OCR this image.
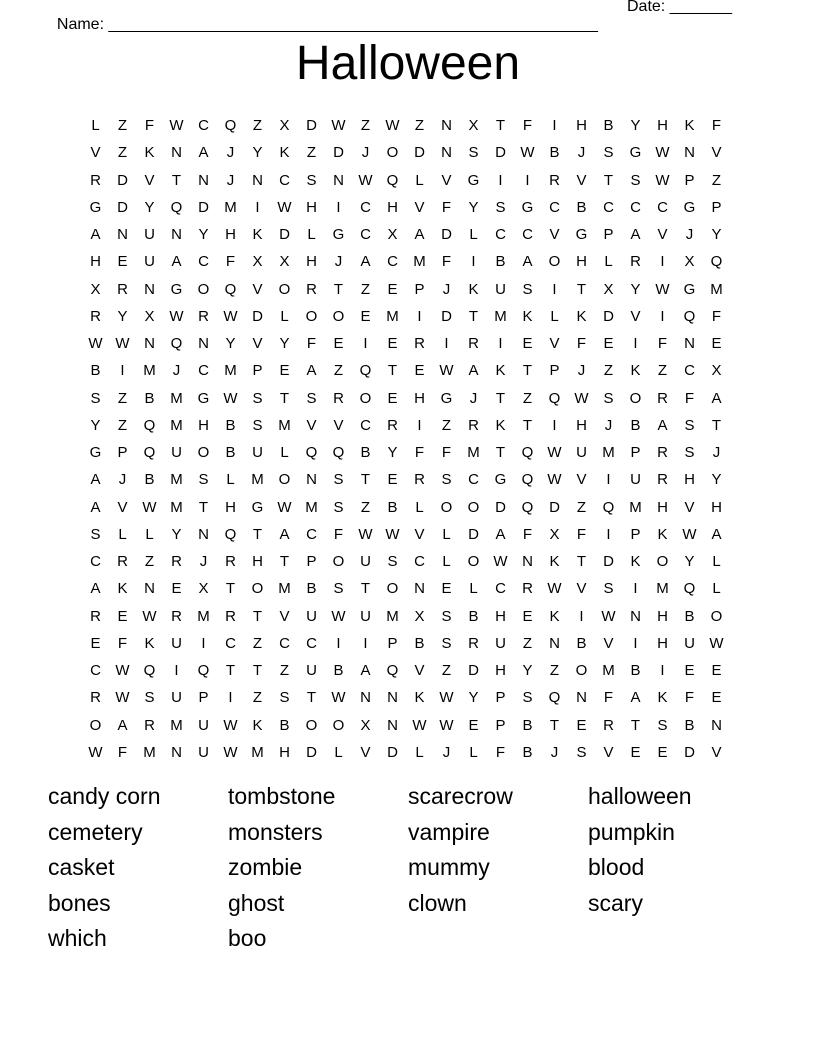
Name: _______________________________________________________

Date: _______

Halloween
L	Z	F	W C	Q	Z	X	D W	Z	W	Z	N	X	T	F	I	H	B	Y	H	K	F
V	Z	K	N	A	J	Y	K	Z	D	J	O	D	N	S	D W B	J	S	G W N	V
R	D	V	T	N	J	N	C	S	N W Q	L	V	G	I	I	R	V	T	S W P	Z
G	D	Y	Q	D	M	I	W H	I	C	H	V	F	Y	S	G	C	B	C	C	C	G	P
A	N	U	N	Y	H	K	D	L	G	C	X	A	D	L	C	C	V	G	P	A	V	J	Y
H	E	U	A	C	F	X	X	H	J	A	C	M	F	I	B	A	O	H	L	R	I	X	Q
X	R	N	G	O	Q	V	O	R	T	Z	E	P	J	K	U	S	I	T	X	Y W G M
R	Y	X W R W D	L	O	O	E	M	I	D	T	M	K	L	K	D	V	I	Q	F
W W N	Q	N	Y	V	Y	F	E	I	E	R	I	R	I	E	V	F	E	I	F	N	E
B	I	M	J	C	M	P	E	A	Z	Q	T	E W A	K	T	P	J	Z	K	Z	C	X
S	Z	B	M G W S	T	S	R	O	E	H	G	J	T	Z	Q W S	O	R	F	A
Y	Z	Q M	H	B	S	M	V	V	C	R	I	Z	R	K	T	I	H	J	B	A	S	T
G	P	Q	U	O	B	U	L	Q	Q	B	Y	F	F	M	T	Q W U	M	P	R	S	J
A	J	B	M	S	L	M O	N	S	T	E	R	S	C	G	Q W V	I	U	R	H	Y
A	V W M	T	H	G W M	S	Z	B	L	O	O	D	Q	D	Z	Q M	H	V	H
S	L	L	Y	N	Q	T	A	C	F	W W V	L	D	A	F	X	F	I	P	K W A
C	R	Z	R	J	R	H	T	P	O	U	S	C	L	O W N	K	T	D	K	O	Y	L
A	K	N	E	X	T	O M	B	S	T	O	N	E	L	C	R W V	S	I	M Q	L
R	E W R	M	R	T	V	U W U	M	X	S	B	H	E	K	I	W N	H	B	O
E	F	K	U	I	C	Z	C	C	I	I	P	B	S	R	U	Z	N	B	V	I	H	U W
C W Q	I	Q	T	T	Z	U	B	A	Q	V	Z	D	H	Y	Z	O M	B	I	E	E
R W S	U	P	I	Z	S	T	W N	N	K W Y	P	S	Q	N	F	A	K	F	E
O	A	R	M	U W K	B	O	O	X	N W W E	P	B	T	E	R	T	S	B	N
W	F	M	N	U W M	H	D	L	V	D	L	J	L	F	B	J	S	V	E	E	D	V
candy corn	tombstone	scarecrow	halloween
cemetery	monsters	vampire	pumpkin
casket	zombie	mummy	blood
bones	ghost	clown	scary
which	boo
